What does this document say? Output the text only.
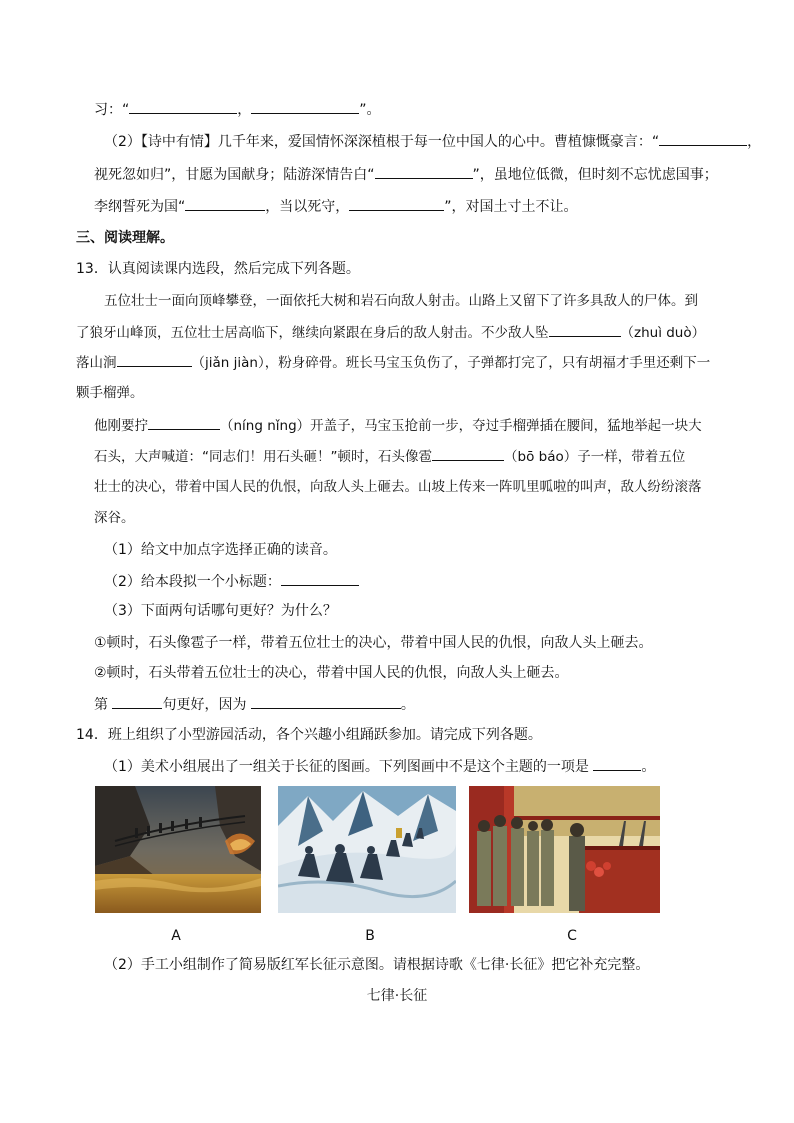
习：“	，	”。
（2）【诗中有情】几千年来，爱国情怀深深植根于每一位中国人的心中。曹植慷慨豪言：“	，
视死忽如归”，甘愿为国献身；陆游深情告白“	”，虽地位低微，但时刻不忘忧虑国事；
李纲誓死为国“	，当以死守，	”，对国土寸土不让。
三、阅读理解。
13．认真阅读课内选段，然后完成下列各题。
五位壮士一面向顶峰攀登，一面依托大树和岩石向敌人射击。山路上又留下了许多具敌人的尸体。到
了狼牙山峰顶，五位壮士居高临下，继续向紧跟在身后的敌人射击。不少敌人坠	（zhuì duò）
落山涧	（jiǎn jiàn），粉身碎骨。班长马宝玉负伤了，子弹都打完了，只有胡福才手里还剩下一
颗手榴弹。
他刚要拧	（níng nǐng）开盖子，马宝玉抢前一步，夺过手榴弹插在腰间，猛地举起一块大
石头，大声喊道：“同志们！用石头砸！”顿时，石头像雹	（bō báo）子一样，带着五位
壮士的决心，带着中国人民的仇恨，向敌人头上砸去。山坡上传来一阵叽里呱啦的叫声，敌人纷纷滚落
深谷。
（1）给文中加点字选择正确的读音。
（2）给本段拟一个小标题：
（3）下面两句话哪句更好？为什么？
①顿时，石头像雹子一样，带着五位壮士的决心，带着中国人民的仇恨，向敌人头上砸去。
②顿时，石头带着五位壮士的决心，带着中国人民的仇恨，向敌人头上砸去。
第	句更好，因为	。
14．班上组织了小型游园活动，各个兴趣小组踊跃参加。请完成下列各题。
（1）美术小组展出了一组关于长征的图画。下列图画中不是这个主题的一项是	。
A	B	C
（2）手工小组制作了简易版红军长征示意图。请根据诗歌《七律·长征》把它补充完整。
七律·长征
